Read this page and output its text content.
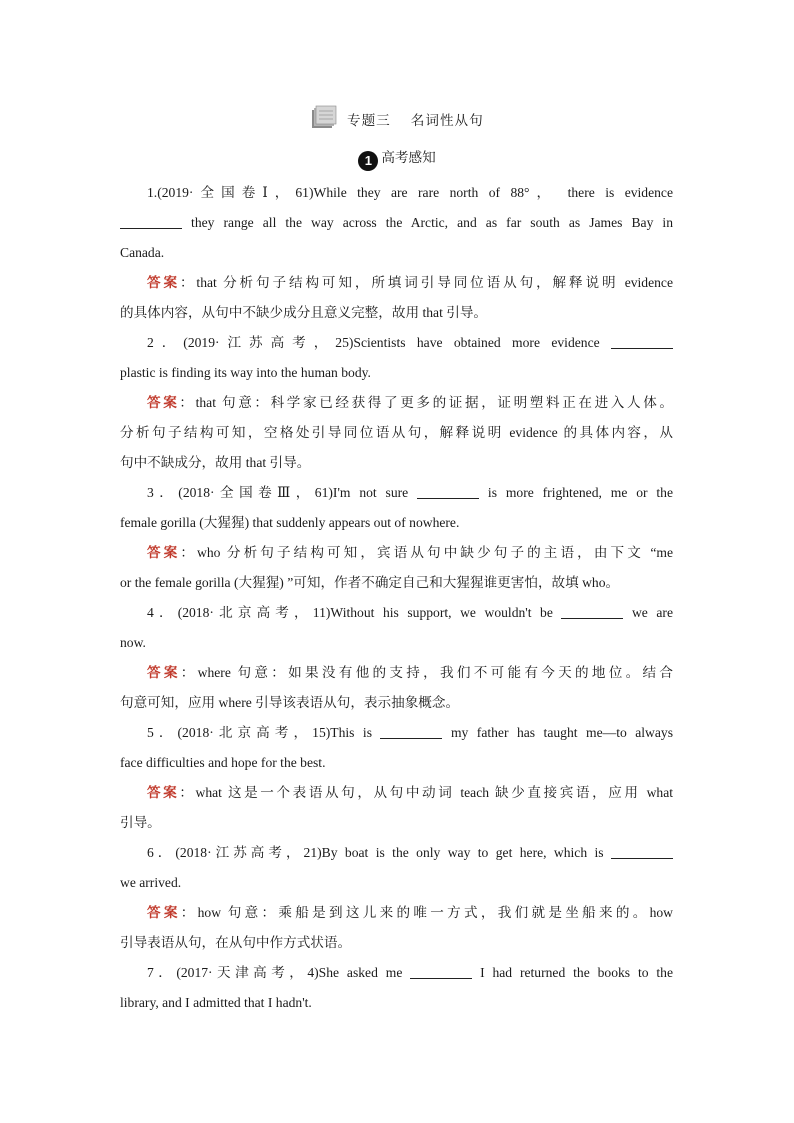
专题三 名词性从句
1 高考感知
1.(2019·全国卷Ⅰ，61)While they are rare north of 88°， there is evidence
they range all the way across the Arctic, and as far south as James Bay in
Canada.
答案：that 分析句子结构可知，所填词引导同位语从句，解释说明 evidence
的具体内容，从句中不缺少成分且意义完整，故用 that 引导。
2．(2019·江苏高考，25)Scientists have obtained more evidence
plastic is finding its way into the human body.
答案：that 句意：科学家已经获得了更多的证据，证明塑料正在进入人体。
分析句子结构可知，空格处引导同位语从句，解释说明 evidence 的具体内容，从
句中不缺成分，故用 that 引导。
3．(2018·全国卷Ⅲ，61)I'm not sure	is more frightened, me or the
female gorilla (大猩猩) that suddenly appears out of nowhere.
答案：who 分析句子结构可知，宾语从句中缺少句子的主语，由下文 “me
or the female gorilla (大猩猩) ”可知，作者不确定自己和大猩猩谁更害怕，故填 who。
4．(2018·北京高考，11)Without his support, we wouldn't be	we are
now.
答案：where 句意：如果没有他的支持，我们不可能有今天的地位。结合
句意可知，应用 where 引导该表语从句，表示抽象概念。
5．(2018·北京高考，15)This is	my father has taught me—to always
face difficulties and hope for the best.
答案：what 这是一个表语从句，从句中动词 teach 缺少直接宾语，应用 what
引导。
6．(2018·江苏高考，21)By boat is the only way to get here, which is
we arrived.
答案：how 句意：乘船是到这儿来的唯一方式，我们就是坐船来的。how
引导表语从句，在从句中作方式状语。
7．(2017·天津高考，4)She asked me	I had returned the books to the
library, and I admitted that I hadn't.
